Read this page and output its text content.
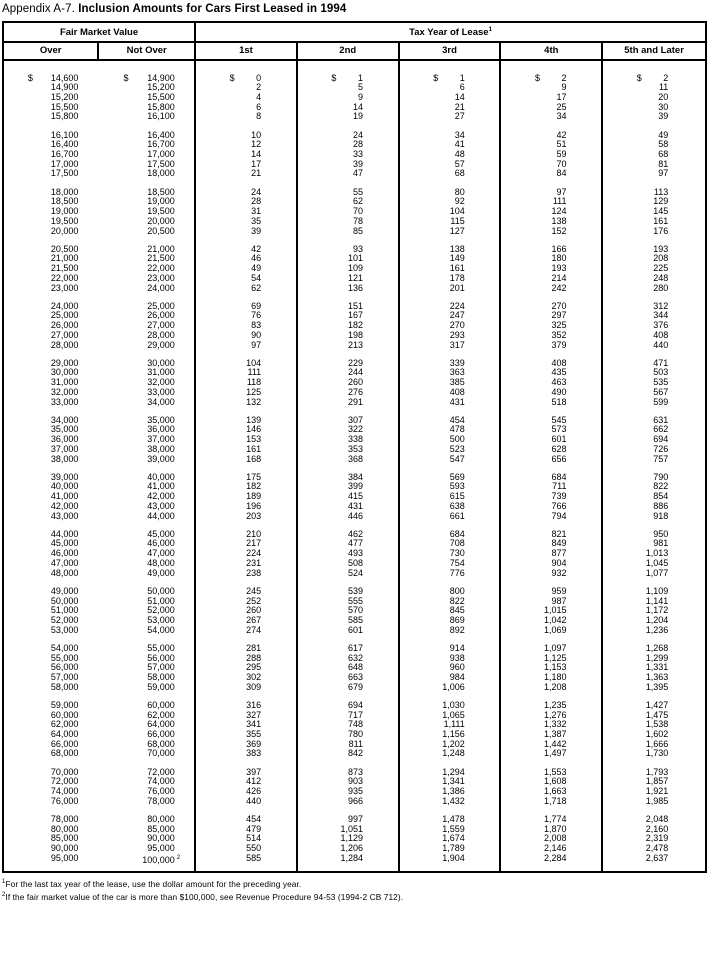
Appendix A-7. Inclusion Amounts for Cars First Leased in 1994
Fair Market Value	Tax Year of Lease$^1$
Over	Not Over	1st	2nd	3rd	4th	5th and Later
$ 14,600	$ 14,900	$ 0	$ 1	$ 1	$ 2	$ 2
14,900	15,200	2	5	6	9	11
15,200	15,500	4	9	14	17	20
15,500	15,800	6	14	21	25	30
15,800	16,100	8	19	27	34	39
16,100	16,400	10	24	34	42	49
16,400	16,700	12	28	41	51	58
16,700	17,000	14	33	48	59	68
17,000	17,500	17	39	57	70	81
17,500	18,000	21	47	68	84	97
18,000	18,500	24	55	80	97	113
18,500	19,000	28	62	92	111	129
19,000	19,500	31	70	104	124	145
19,500	20,000	35	78	115	138	161
20,000	20,500	39	85	127	152	176
20,500	21,000	42	93	138	166	193
21,000	21,500	46	101	149	180	208
21,500	22,000	49	109	161	193	225
22,000	23,000	54	121	178	214	248
23,000	24,000	62	136	201	242	280
24,000	25,000	69	151	224	270	312
25,000	26,000	76	167	247	297	344
26,000	27,000	83	182	270	325	376
27,000	28,000	90	198	293	352	408
28,000	29,000	97	213	317	379	440
29,000	30,000	104	229	339	408	471
30,000	31,000	111	244	363	435	503
31,000	32,000	118	260	385	463	535
32,000	33,000	125	276	408	490	567
33,000	34,000	132	291	431	518	599
34,000	35,000	139	307	454	545	631
35,000	36,000	146	322	478	573	662
36,000	37,000	153	338	500	601	694
37,000	38,000	161	353	523	628	726
38,000	39,000	168	368	547	656	757
39,000	40,000	175	384	569	684	790
40,000	41,000	182	399	593	711	822
41,000	42,000	189	415	615	739	854
42,000	43,000	196	431	638	766	886
43,000	44,000	203	446	661	794	918
44,000	45,000	210	462	684	821	950
45,000	46,000	217	477	708	849	981
46,000	47,000	224	493	730	877	1,013
47,000	48,000	231	508	754	904	1,045
48,000	49,000	238	524	776	932	1,077
49,000	50,000	245	539	800	959	1,109
50,000	51,000	252	555	822	987	1,141
51,000	52,000	260	570	845	1,015	1,172
52,000	53,000	267	585	869	1,042	1,204
53,000	54,000	274	601	892	1,069	1,236
54,000	55,000	281	617	914	1,097	1,268
55,000	56,000	288	632	938	1,125	1,299
56,000	57,000	295	648	960	1,153	1,331
57,000	58,000	302	663	984	1,180	1,363
58,000	59,000	309	679	1,006	1,208	1,395
59,000	60,000	316	694	1,030	1,235	1,427
60,000	62,000	327	717	1,065	1,276	1,475
62,000	64,000	341	748	1,111	1,332	1,538
64,000	66,000	355	780	1,156	1,387	1,602
66,000	68,000	369	811	1,202	1,442	1,666
68,000	70,000	383	842	1,248	1,497	1,730
70,000	72,000	397	873	1,294	1,553	1,793
72,000	74,000	412	903	1,341	1,608	1,857
74,000	76,000	426	935	1,386	1,663	1,921
76,000	78,000	440	966	1,432	1,718	1,985
78,000	80,000	454	997	1,478	1,774	2,048
80,000	85,000	479	1,051	1,559	1,870	2,160
85,000	90,000	514	1,129	1,674	2,008	2,319
90,000	95,000	550	1,206	1,789	2,146	2,478
95,000	100,000 $^2$	585	1,284	1,904	2,284	2,637
$^1$For the last tax year of the lease, use the dollar amount for the preceding year.
$^2$If the fair market value of the car is more than $100,000, see Revenue Procedure 94-53 (1994-2 CB 712).
